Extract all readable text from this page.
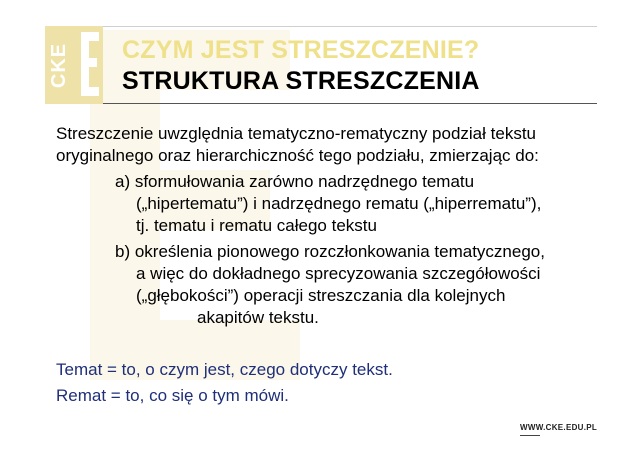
CKE CZYM JEST STRESZCZENIE?
STRUKTURA STRESZCZENIA
Streszczenie uwzględnia tematyczno-rematyczny podział tekstu
oryginalnego oraz hierarchiczność tego podziału, zmierzając do:
a) sformułowania zarówno nadrzędnego tematu
(„hipertematu”) i nadrzędnego rematu („hiperrematu”),
tj. tematu i rematu całego tekstu
b) określenia pionowego rozczłonkowania tematycznego,
a więc do dokładnego sprecyzowania szczegółowości
(„głębokości”) operacji streszczania dla kolejnych
akapitów tekstu.
Temat = to, o czym jest, czego dotyczy tekst.
Remat = to, co się o tym mówi.
WWW.CKE.EDU.PL
